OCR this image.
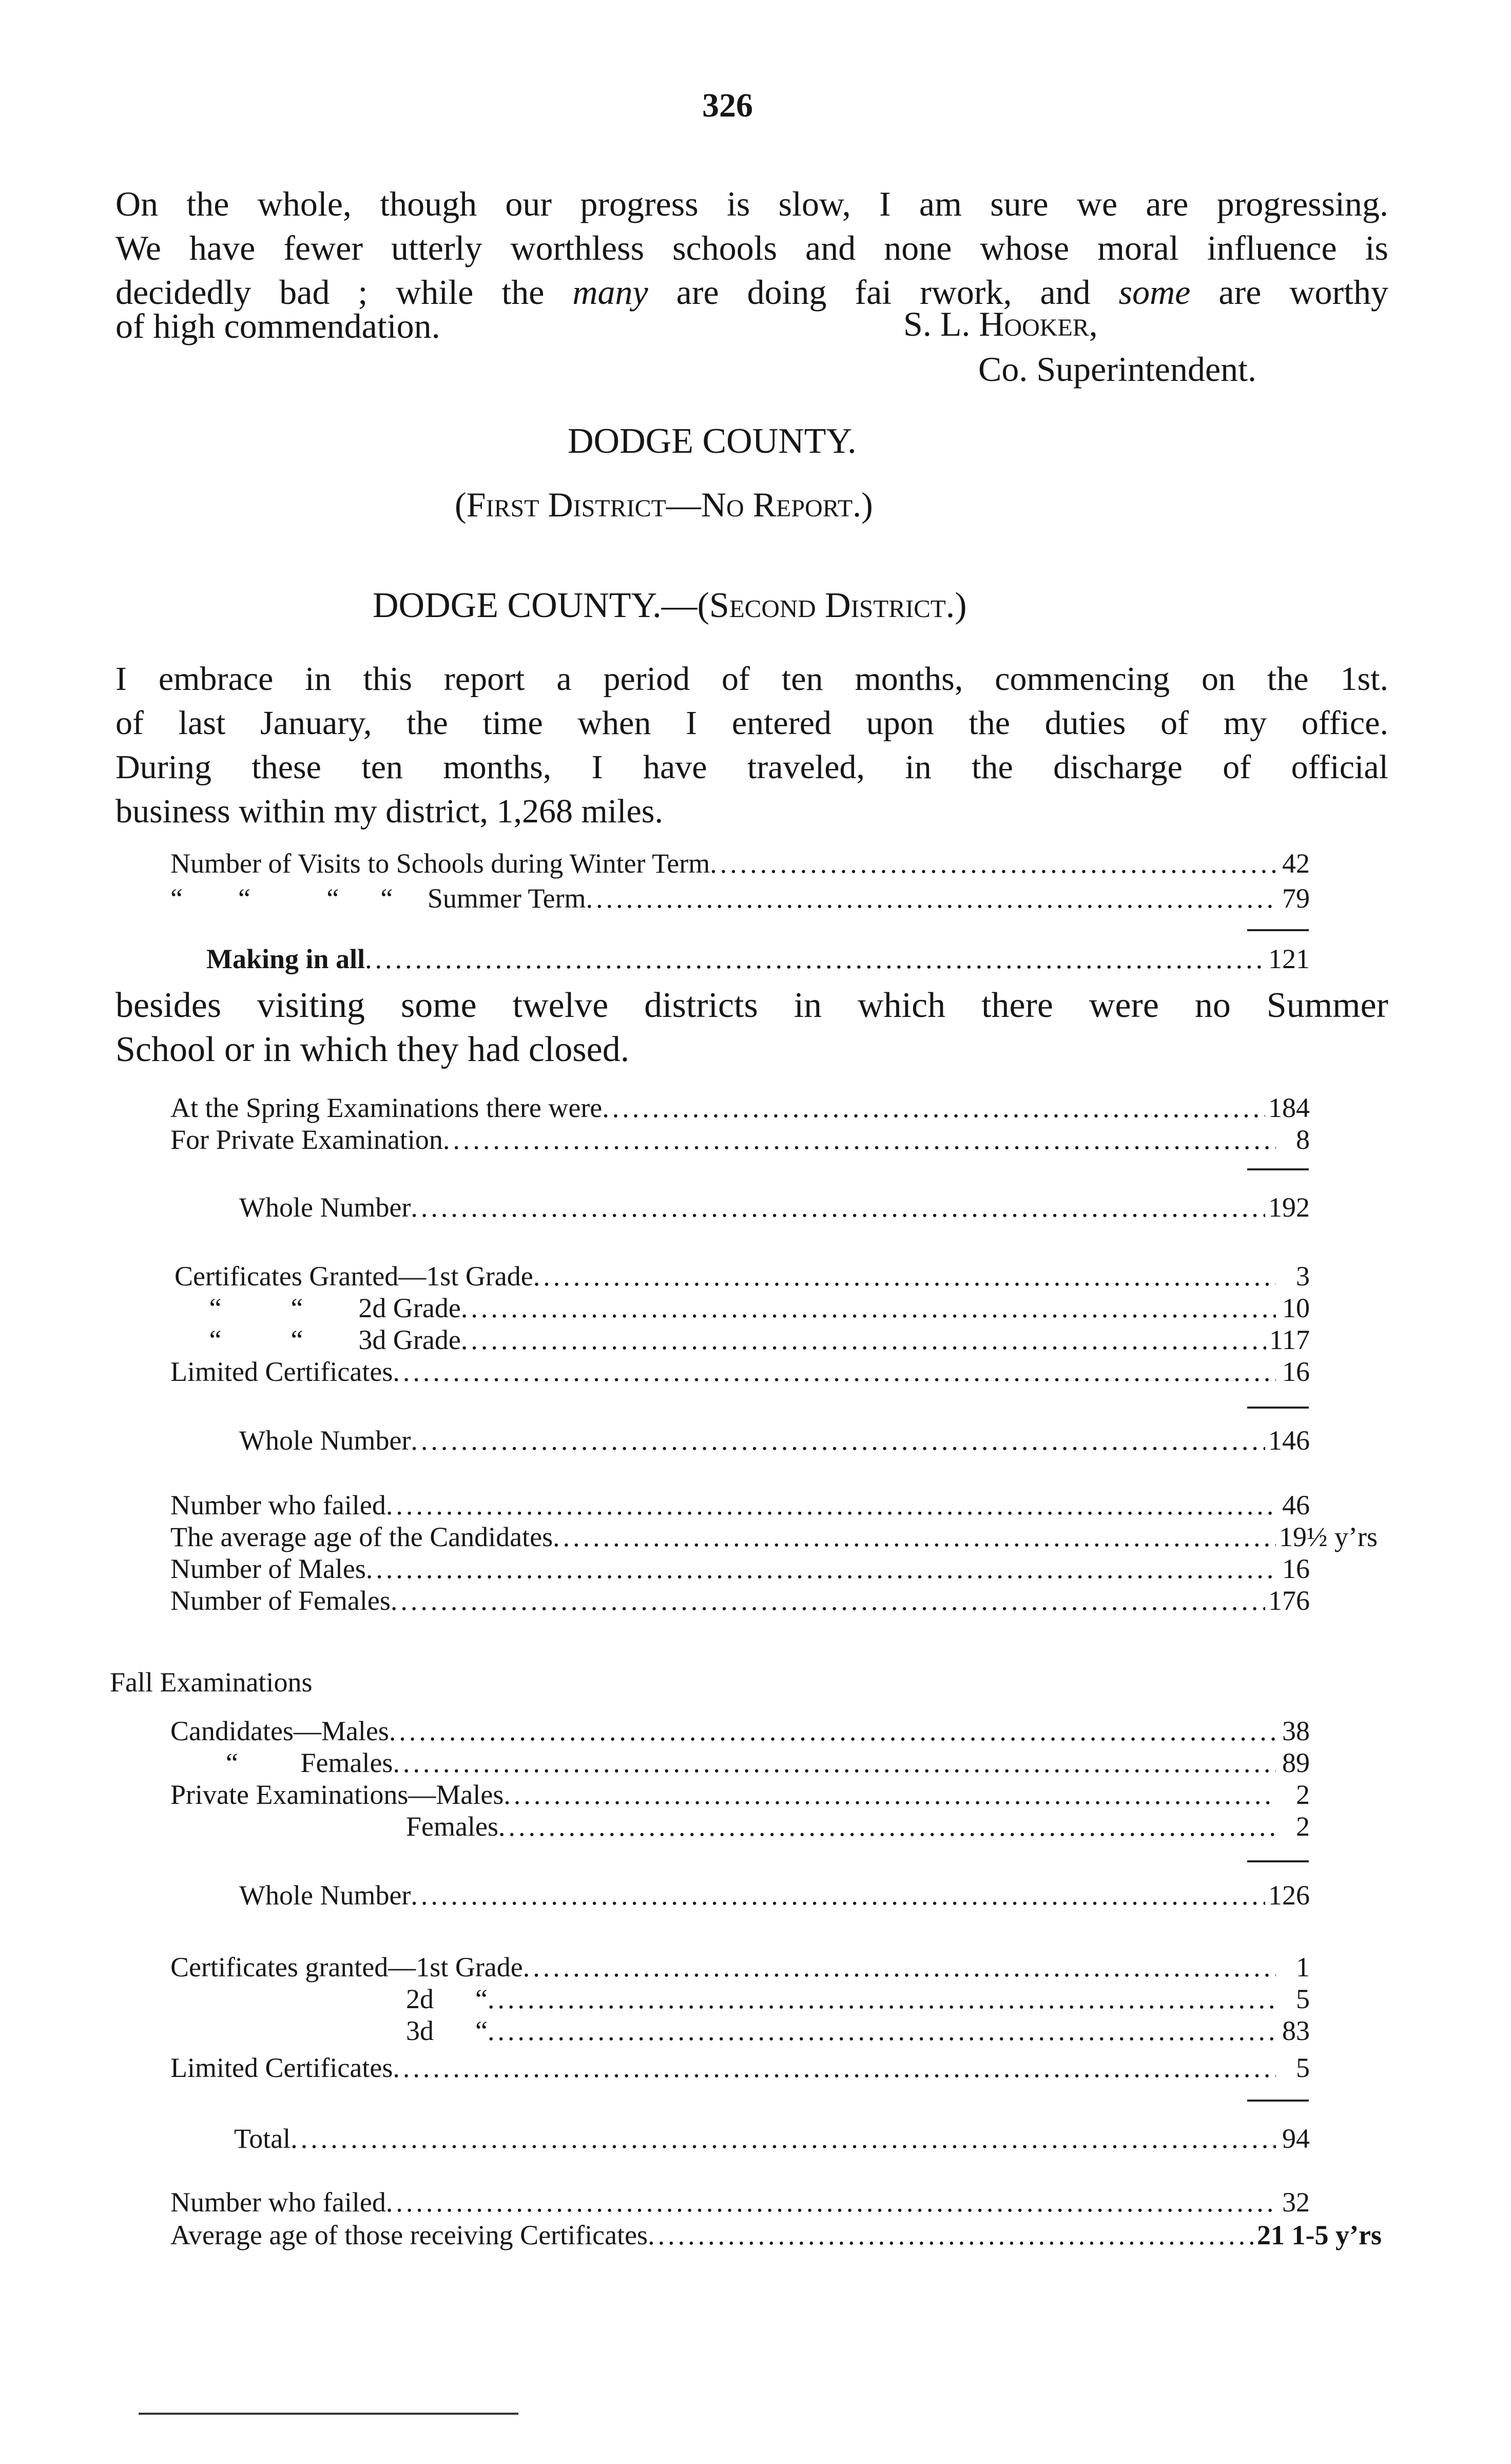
326
On the whole, though our progress is slow, I am sure we are progressing.
We have fewer utterly worthless schools and none whose moral influence is
decidedly bad ; while the many are doing fai rwork, and some are worthy
of high commendation.	S. L. Hooker,
Co. Superintendent.
DODGE COUNTY.
(First District—No Report.)
DODGE COUNTY.—(Second District.)
I embrace in this report a period of ten months, commencing on the 1st.
of last January, the time when I entered upon the duties of my office.
During these ten months, I have traveled, in the discharge of official
business within my district, 1,268 miles.
Number of Visits to Schools during Winter Term .....	42
“        “           “      “     Summer Term .....	79
Making in all .....	121
besides visiting some twelve districts in which there were no Summer
School or in which they had closed.
At the Spring Examinations there were .....	184
For Private Examination .....	8
Whole Number .....	192
Certificates Granted—1st Grade .....	3
“          “        2d Grade .....	10
“          “        3d Grade .....	117
Limited Certificates .....	16
Whole Number .....	146
Number who failed .....	46
The average age of the Candidates .....	19½ y’rs
Number of Males .....	16
Number of Females .....	176
Fall Examinations
Candidates—Males .....	38
“         Females .....	89
Private Examinations—Males .....	2
Females .....	2
Whole Number .....	126
Certificates granted—1st Grade .....	1
2d      “ .....	5
3d      “ .....	83
Limited Certificates .....	5
Total .....	94
Number who failed .....	32
Average age of those receiving Certificates .....	21 1-5 y’rs
